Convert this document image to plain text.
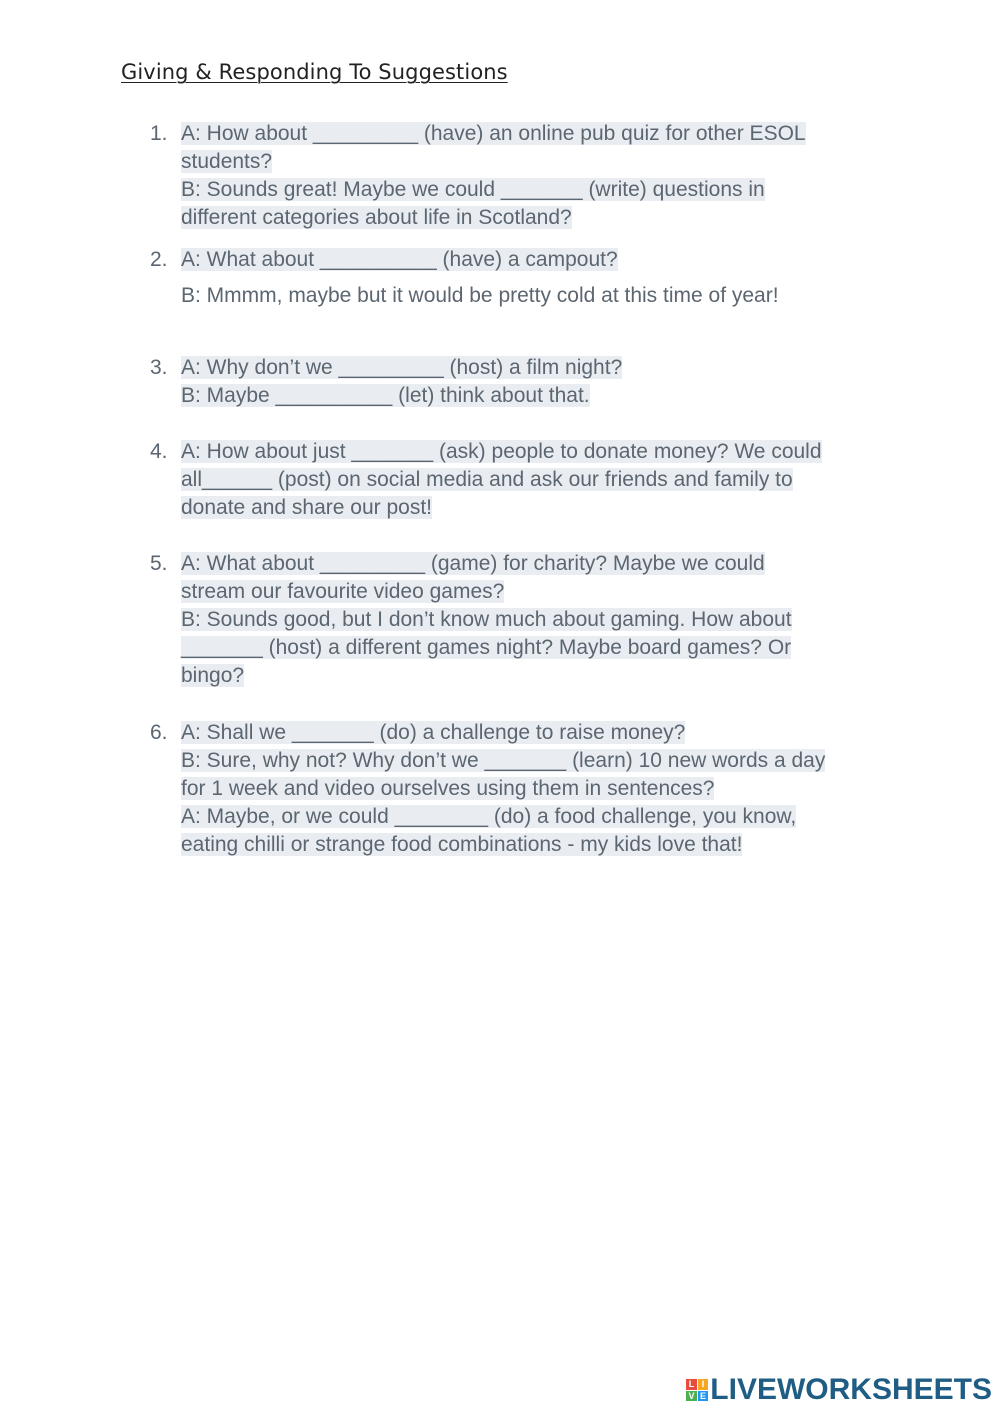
Giving & Responding To Suggestions
1. A: How about _________ (have) an online pub quiz for other ESOL
students?
B: Sounds great! Maybe we could _______ (write) questions in
different categories about life in Scotland?
2. A: What about __________ (have) a campout?
B: Mmmm, maybe but it would be pretty cold at this time of year!
3. A: Why don’t we _________ (host) a film night?
B: Maybe __________ (let) think about that.
4. A: How about just _______ (ask) people to donate money? We could
all______ (post) on social media and ask our friends and family to
donate and share our post!
5. A: What about _________ (game) for charity? Maybe we could
stream our favourite video games?
B: Sounds good, but I don’t know much about gaming. How about
_______ (host) a different games night? Maybe board games? Or
bingo?
6. A: Shall we _______ (do) a challenge to raise money?
B: Sure, why not? Why don’t we _______ (learn) 10 new words a day
for 1 week and video ourselves using them in sentences?
A: Maybe, or we could ________ (do) a food challenge, you know,
eating chilli or strange food combinations - my kids love that!
L I
V E LIVEWORKSHEETS
